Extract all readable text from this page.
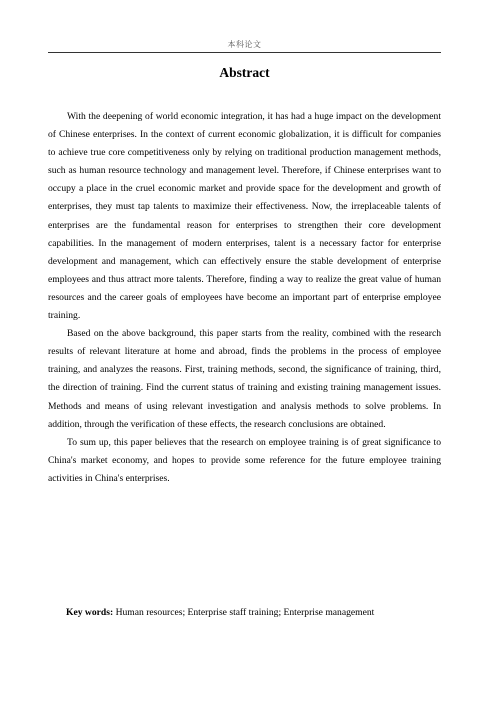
本科论文
Abstract

With the deepening of world economic integration, it has had a huge impact on the development of Chinese enterprises. In the context of current economic globalization, it is difficult for companies to achieve true core competitiveness only by relying on traditional production management methods, such as human resource technology and management level. Therefore, if Chinese enterprises want to occupy a place in the cruel economic market and provide space for the development and growth of enterprises, they must tap talents to maximize their effectiveness. Now, the irreplaceable talents of enterprises are the fundamental reason for enterprises to strengthen their core development capabilities. In the management of modern enterprises, talent is a necessary factor for enterprise development and management, which can effectively ensure the stable development of enterprise employees and thus attract more talents. Therefore, finding a way to realize the great value of human resources and the career goals of employees have become an important part of enterprise employee training.

Based on the above background, this paper starts from the reality, combined with the research results of relevant literature at home and abroad, finds the problems in the process of employee training, and analyzes the reasons. First, training methods, second, the significance of training, third, the direction of training. Find the current status of training and existing training management issues. Methods and means of using relevant investigation and analysis methods to solve problems. In addition, through the verification of these effects, the research conclusions are obtained.

To sum up, this paper believes that the research on employee training is of great significance to China's market economy, and hopes to provide some reference for the future employee training activities in China's enterprises.

Key words: Human resources; Enterprise staff training; Enterprise management
